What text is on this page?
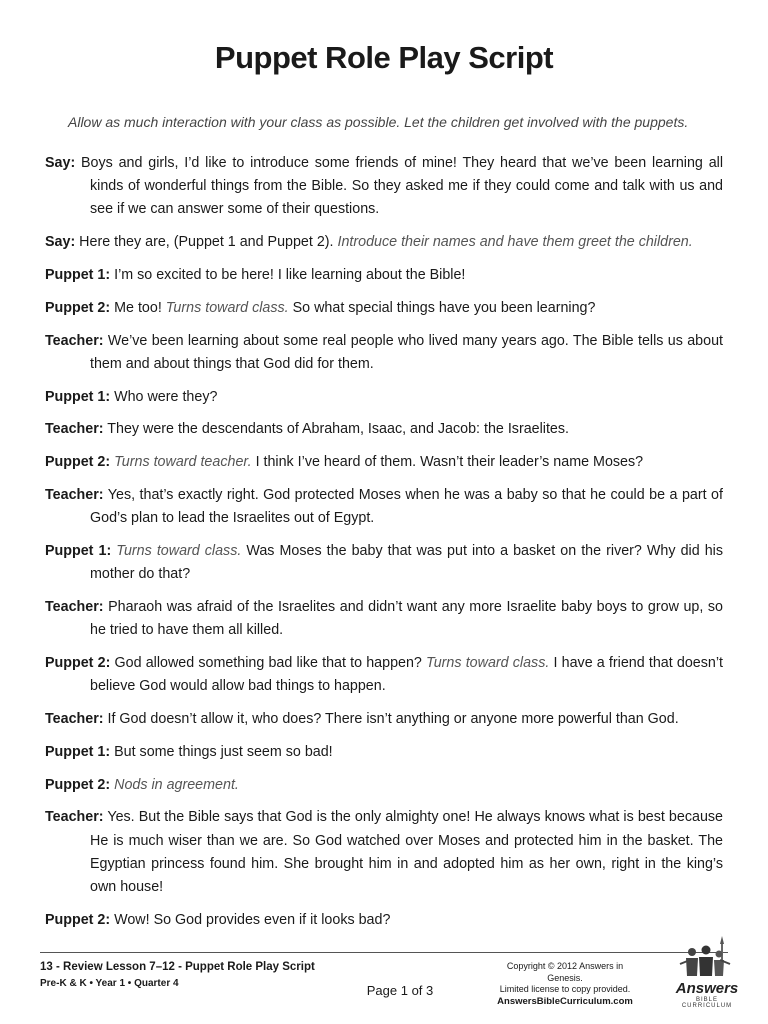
Puppet Role Play Script
Allow as much interaction with your class as possible. Let the children get involved with the puppets.
Say: Boys and girls, I’d like to introduce some friends of mine! They heard that we’ve been learning all kinds of wonderful things from the Bible. So they asked me if they could come and talk with us and see if we can answer some of their questions.
Say: Here they are, (Puppet 1 and Puppet 2). Introduce their names and have them greet the children.
Puppet 1: I’m so excited to be here! I like learning about the Bible!
Puppet 2: Me too! Turns toward class. So what special things have you been learning?
Teacher: We’ve been learning about some real people who lived many years ago. The Bible tells us about them and about things that God did for them.
Puppet 1: Who were they?
Teacher: They were the descendants of Abraham, Isaac, and Jacob: the Israelites.
Puppet 2: Turns toward teacher. I think I’ve heard of them. Wasn’t their leader’s name Moses?
Teacher: Yes, that’s exactly right. God protected Moses when he was a baby so that he could be a part of God’s plan to lead the Israelites out of Egypt.
Puppet 1: Turns toward class. Was Moses the baby that was put into a basket on the river? Why did his mother do that?
Teacher: Pharaoh was afraid of the Israelites and didn’t want any more Israelite baby boys to grow up, so he tried to have them all killed.
Puppet 2: God allowed something bad like that to happen? Turns toward class. I have a friend that doesn’t believe God would allow bad things to happen.
Teacher: If God doesn’t allow it, who does? There isn’t anything or anyone more powerful than God.
Puppet 1: But some things just seem so bad!
Puppet 2: Nods in agreement.
Teacher: Yes. But the Bible says that God is the only almighty one! He always knows what is best because He is much wiser than we are. So God watched over Moses and protected him in the basket. The Egyptian princess found him. She brought him in and adopted him as her own, right in the king’s own house!
Puppet 2: Wow! So God provides even if it looks bad?
13 - Review Lesson 7–12 - Puppet Role Play Script
Pre-K & K • Year 1 • Quarter 4	Page 1 of 3
Copyright © 2012 Answers in Genesis.
Limited license to copy provided.
AnswersBibleCurriculum.com
Answers
BIBLE CURRICULUM
